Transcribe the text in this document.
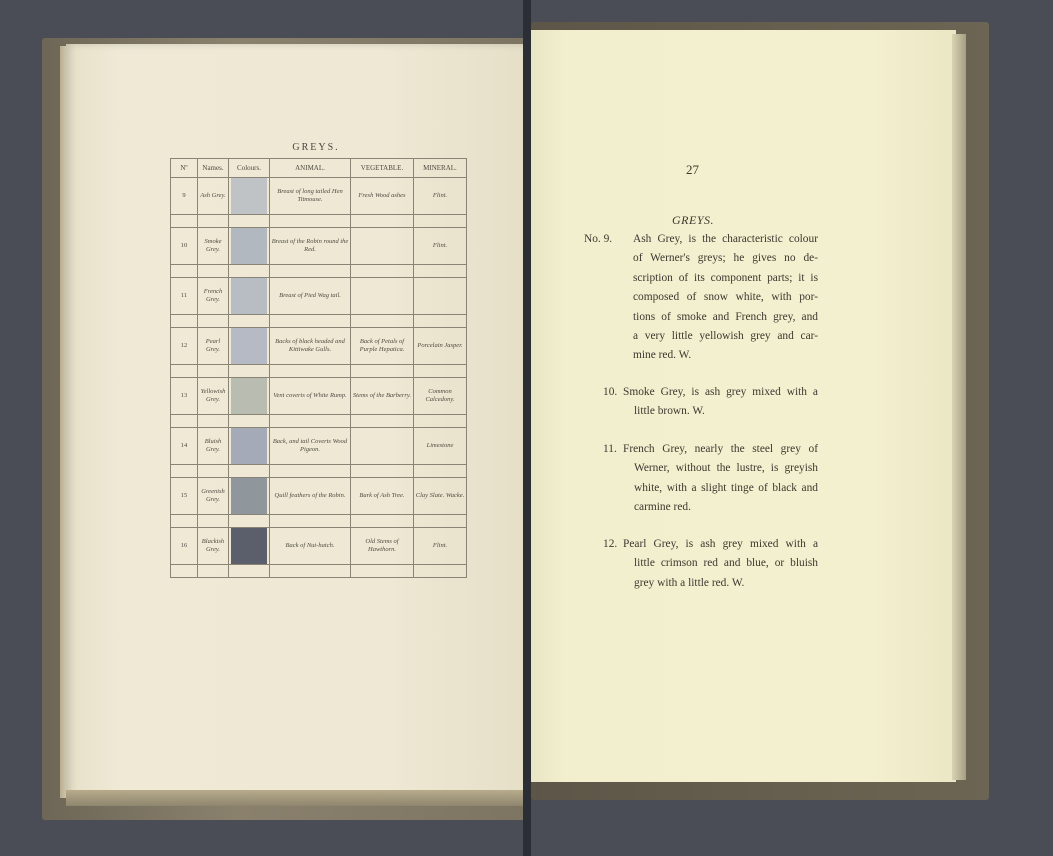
GREYS.
Nº	Names.	Colours.	ANIMAL.	VEGETABLE.	MINERAL.
9	Ash Grey.		Breast of long tailed Hen Titmouse.	Fresh Wood ashes	Flint.

10	Smoke Grey.		Breast of the Robin round the Red.		Flint.

11	French Grey.		Breast of Pied Wag tail.		

12	Pearl Grey.		Backs of black headed and Kittiwake Gulls.	Back of Petals of Purple Hepatica.	Porcelain Jasper.

13	Yellowish Grey.		Vent coverts of White Rump.	Stems of the Barberry.	Common Calcedony.

14	Bluish Grey.		Back, and tail Coverts Wood Pigeon.		Limestone

15	Greenish Grey.		Quill feathers of the Robin.	Bark of Ash Tree.	Clay Slate. Wacke.

16	Blackish Grey.		Back of Nut-hatch.	Old Stems of Hawthorn.	Flint.

27
GREYS.
No. 9. Ash Grey, is the characteristic colour
of Werner's greys; he gives no de-
scription of its component parts; it is
composed of snow white, with por-
tions of smoke and French grey, and
a very little yellowish grey and car-
mine red. W.
10. Smoke Grey, is ash grey mixed with a
little brown. W.
11. French Grey, nearly the steel grey of
Werner, without the lustre, is greyish
white, with a slight tinge of black and
carmine red.
12. Pearl Grey, is ash grey mixed with a
little crimson red and blue, or bluish
grey with a little red. W.
